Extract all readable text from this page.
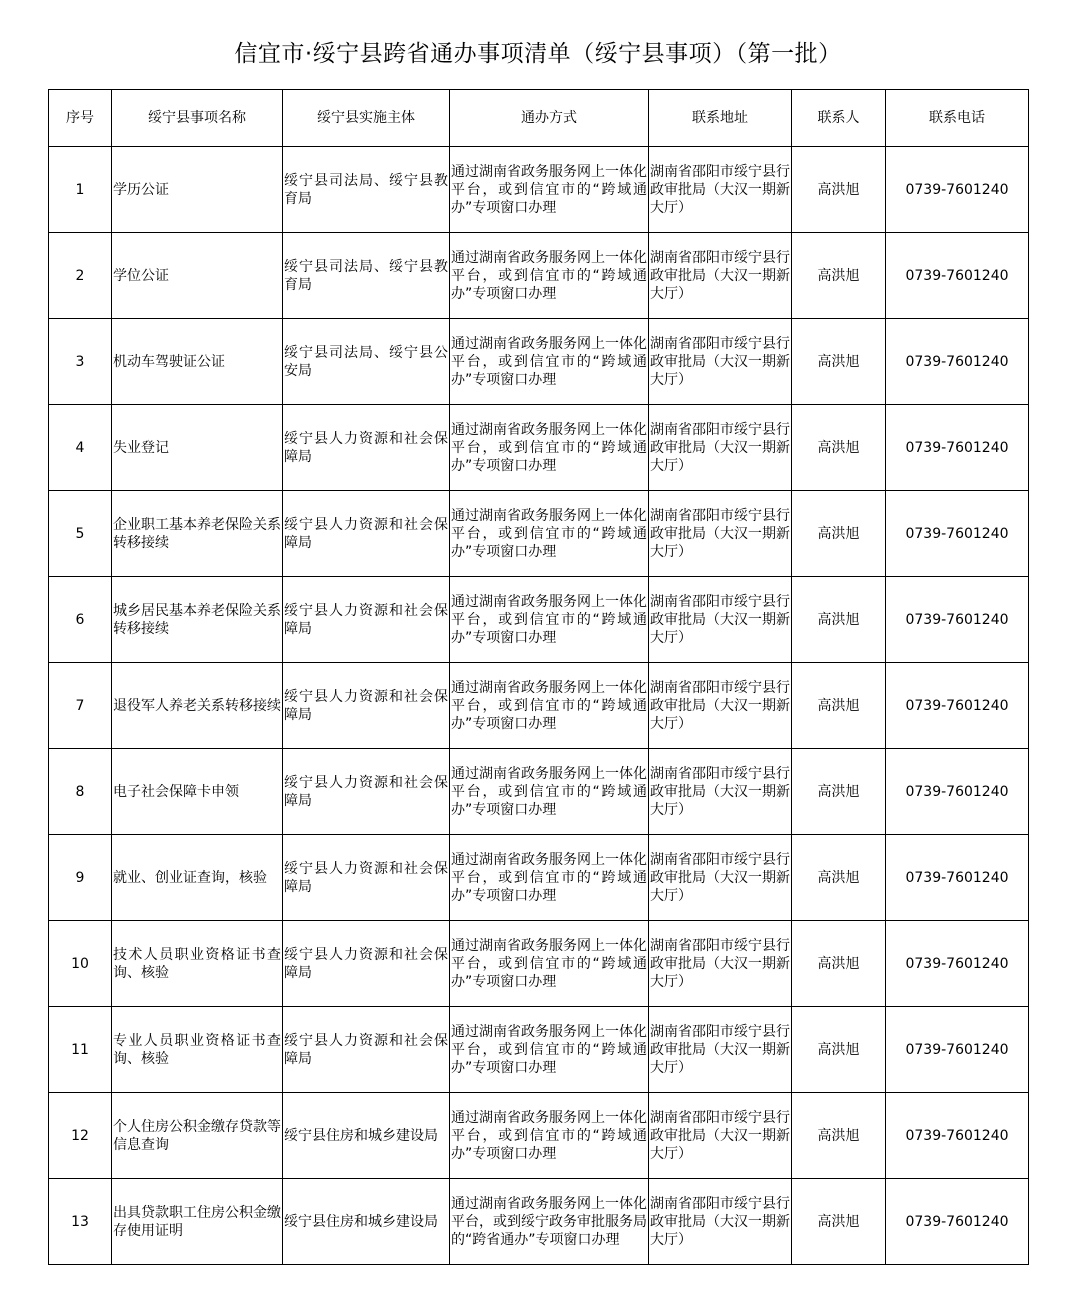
信宜市·绥宁县跨省通办事项清单（绥宁县事项）（第一批）
序号	绥宁县事项名称	绥宁县实施主体	通办方式	联系地址	联系人	联系电话
1	学历公证	绥宁县司法局、绥宁县教育局	通过湖南省政务服务网上一体化平台，或到信宜市的“跨域通办”专项窗口办理	湖南省邵阳市绥宁县行政审批局（大汉一期新大厅）	高洪旭	0739-7601240
2	学位公证	绥宁县司法局、绥宁县教育局	通过湖南省政务服务网上一体化平台，或到信宜市的“跨域通办”专项窗口办理	湖南省邵阳市绥宁县行政审批局（大汉一期新大厅）	高洪旭	0739-7601240
3	机动车驾驶证公证	绥宁县司法局、绥宁县公安局	通过湖南省政务服务网上一体化平台，或到信宜市的“跨域通办”专项窗口办理	湖南省邵阳市绥宁县行政审批局（大汉一期新大厅）	高洪旭	0739-7601240
4	失业登记	绥宁县人力资源和社会保障局	通过湖南省政务服务网上一体化平台，或到信宜市的“跨域通办”专项窗口办理	湖南省邵阳市绥宁县行政审批局（大汉一期新大厅）	高洪旭	0739-7601240
5	企业职工基本养老保险关系转移接续	绥宁县人力资源和社会保障局	通过湖南省政务服务网上一体化平台，或到信宜市的“跨域通办”专项窗口办理	湖南省邵阳市绥宁县行政审批局（大汉一期新大厅）	高洪旭	0739-7601240
6	城乡居民基本养老保险关系转移接续	绥宁县人力资源和社会保障局	通过湖南省政务服务网上一体化平台，或到信宜市的“跨域通办”专项窗口办理	湖南省邵阳市绥宁县行政审批局（大汉一期新大厅）	高洪旭	0739-7601240
7	退役军人养老关系转移接续	绥宁县人力资源和社会保障局	通过湖南省政务服务网上一体化平台，或到信宜市的“跨域通办”专项窗口办理	湖南省邵阳市绥宁县行政审批局（大汉一期新大厅）	高洪旭	0739-7601240
8	电子社会保障卡申领	绥宁县人力资源和社会保障局	通过湖南省政务服务网上一体化平台，或到信宜市的“跨域通办”专项窗口办理	湖南省邵阳市绥宁县行政审批局（大汉一期新大厅）	高洪旭	0739-7601240
9	就业、创业证查询，核验	绥宁县人力资源和社会保障局	通过湖南省政务服务网上一体化平台，或到信宜市的“跨域通办”专项窗口办理	湖南省邵阳市绥宁县行政审批局（大汉一期新大厅）	高洪旭	0739-7601240
10	技术人员职业资格证书查询、核验	绥宁县人力资源和社会保障局	通过湖南省政务服务网上一体化平台，或到信宜市的“跨域通办”专项窗口办理	湖南省邵阳市绥宁县行政审批局（大汉一期新大厅）	高洪旭	0739-7601240
11	专业人员职业资格证书查询、核验	绥宁县人力资源和社会保障局	通过湖南省政务服务网上一体化平台，或到信宜市的“跨域通办”专项窗口办理	湖南省邵阳市绥宁县行政审批局（大汉一期新大厅）	高洪旭	0739-7601240
12	个人住房公积金缴存贷款等信息查询	绥宁县住房和城乡建设局	通过湖南省政务服务网上一体化平台，或到信宜市的“跨域通办”专项窗口办理	湖南省邵阳市绥宁县行政审批局（大汉一期新大厅）	高洪旭	0739-7601240
13	出具贷款职工住房公积金缴存使用证明	绥宁县住房和城乡建设局	通过湖南省政务服务网上一体化平台，或到绥宁政务审批服务局的“跨省通办”专项窗口办理	湖南省邵阳市绥宁县行政审批局（大汉一期新大厅）	高洪旭	0739-7601240
